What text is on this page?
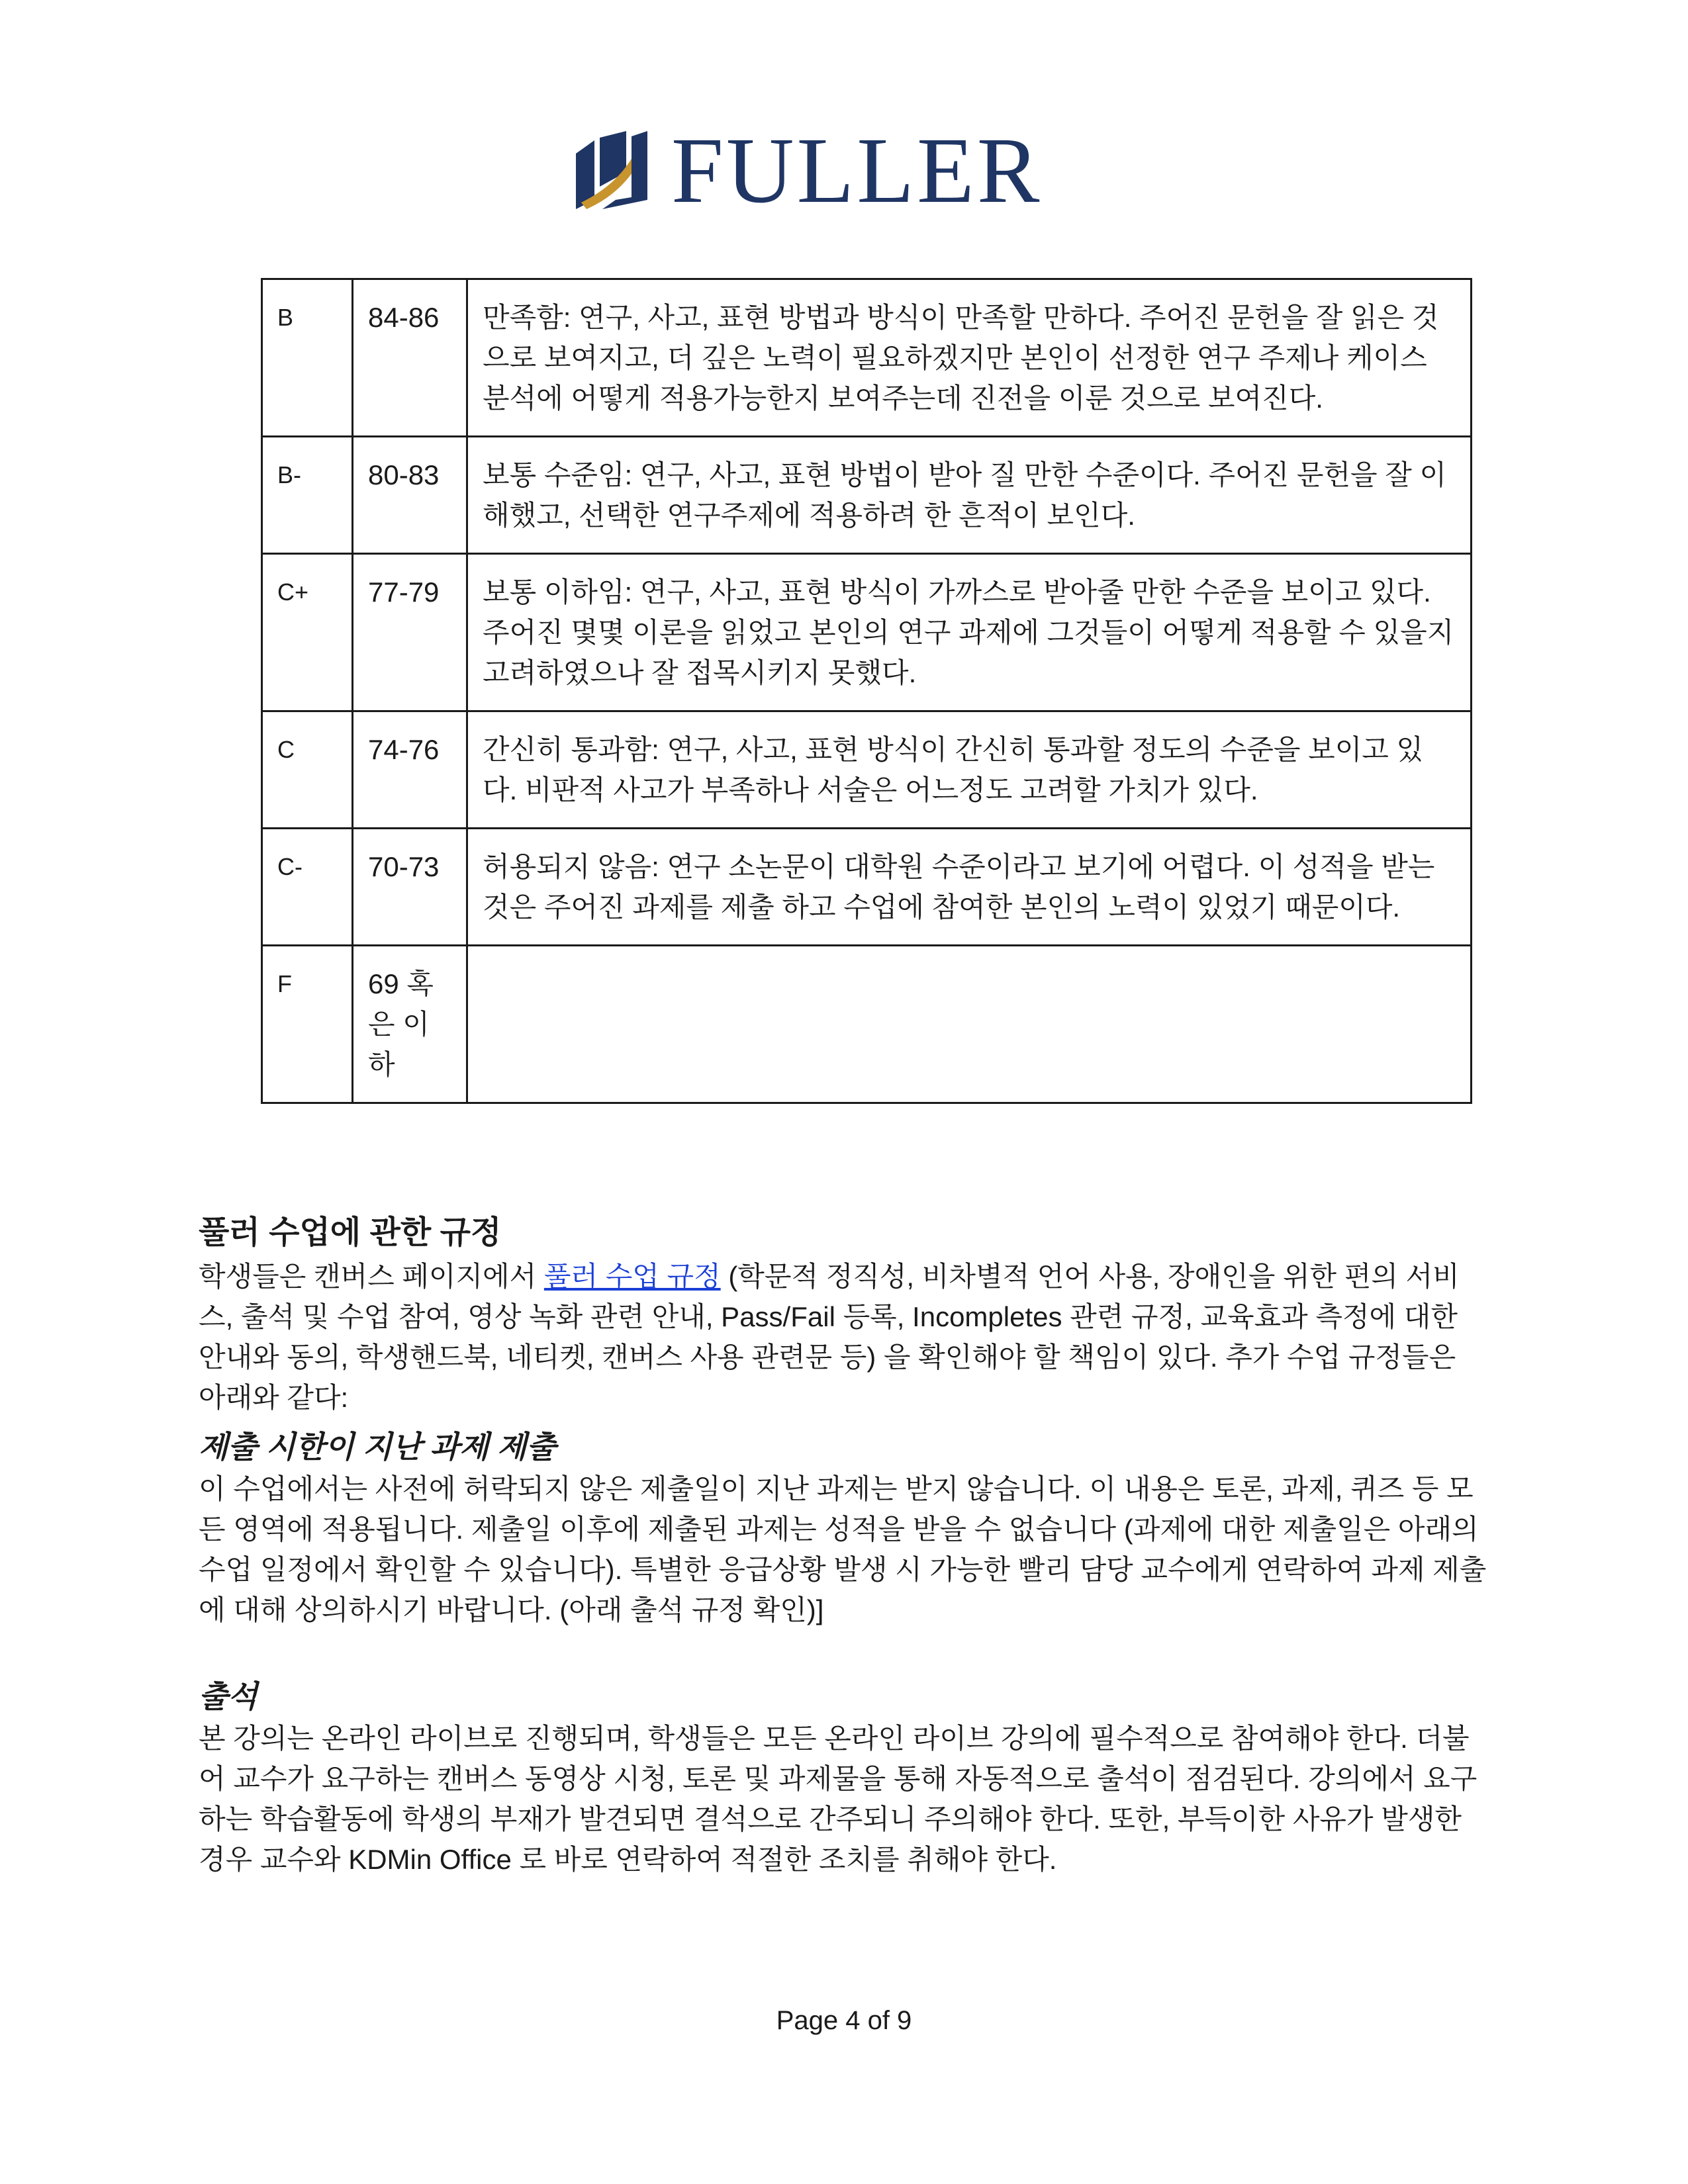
FULLER
B	84-86	만족함: 연구, 사고, 표현 방법과 방식이 만족할 만하다. 주어진 문헌을 잘 읽은 것으로 보여지고, 더 깊은 노력이 필요하겠지만 본인이 선정한 연구 주제나 케이스 분석에 어떻게 적용가능한지 보여주는데 진전을 이룬 것으로 보여진다.
B-	80-83	보통 수준임: 연구, 사고, 표현 방법이 받아 질 만한 수준이다. 주어진 문헌을 잘 이해했고, 선택한 연구주제에 적용하려 한 흔적이 보인다.
C+	77-79	보통 이하임: 연구, 사고, 표현 방식이 가까스로 받아줄 만한 수준을 보이고 있다. 주어진 몇몇 이론을 읽었고 본인의 연구 과제에 그것들이 어떻게 적용할 수 있을지 고려하였으나 잘 접목시키지 못했다.
C	74-76	간신히 통과함: 연구, 사고, 표현 방식이 간신히 통과할 정도의 수준을 보이고 있다. 비판적 사고가 부족하나 서술은 어느정도 고려할 가치가 있다.
C-	70-73	허용되지 않음: 연구 소논문이 대학원 수준이라고 보기에 어렵다. 이 성적을 받는 것은 주어진 과제를 제출 하고 수업에 참여한 본인의 노력이 있었기 때문이다.
F	69 혹은 이하	
풀러 수업에 관한 규정

학생들은 캔버스 페이지에서 풀러 수업 규정 (학문적 정직성, 비차별적 언어 사용, 장애인을 위한 편의 서비스, 출석 및 수업 참여, 영상 녹화 관련 안내, Pass/Fail 등록, Incompletes 관련 규정, 교육효과 측정에 대한 안내와 동의, 학생핸드북, 네티켓, 캔버스 사용 관련문 등) 을 확인해야 할 책임이 있다. 추가 수업 규정들은 아래와 같다:

제출 시한이 지난 과제 제출

이 수업에서는 사전에 허락되지 않은 제출일이 지난 과제는 받지 않습니다. 이 내용은 토론, 과제, 퀴즈 등 모든 영역에 적용됩니다. 제출일 이후에 제출된 과제는 성적을 받을 수 없습니다 (과제에 대한 제출일은 아래의 수업 일정에서 확인할 수 있습니다). 특별한 응급상황 발생 시 가능한 빨리 담당 교수에게 연락하여 과제 제출에 대해 상의하시기 바랍니다. (아래 출석 규정 확인)]

출석

본 강의는 온라인 라이브로 진행되며, 학생들은 모든 온라인 라이브 강의에 필수적으로 참여해야 한다. 더불어 교수가 요구하는 캔버스 동영상 시청, 토론 및 과제물을 통해 자동적으로 출석이 점검된다. 강의에서 요구하는 학습활동에 학생의 부재가 발견되면 결석으로 간주되니 주의해야 한다. 또한, 부득이한 사유가 발생한 경우 교수와 KDMin Office 로 바로 연락하여 적절한 조치를 취해야 한다.

Page 4 of 9
